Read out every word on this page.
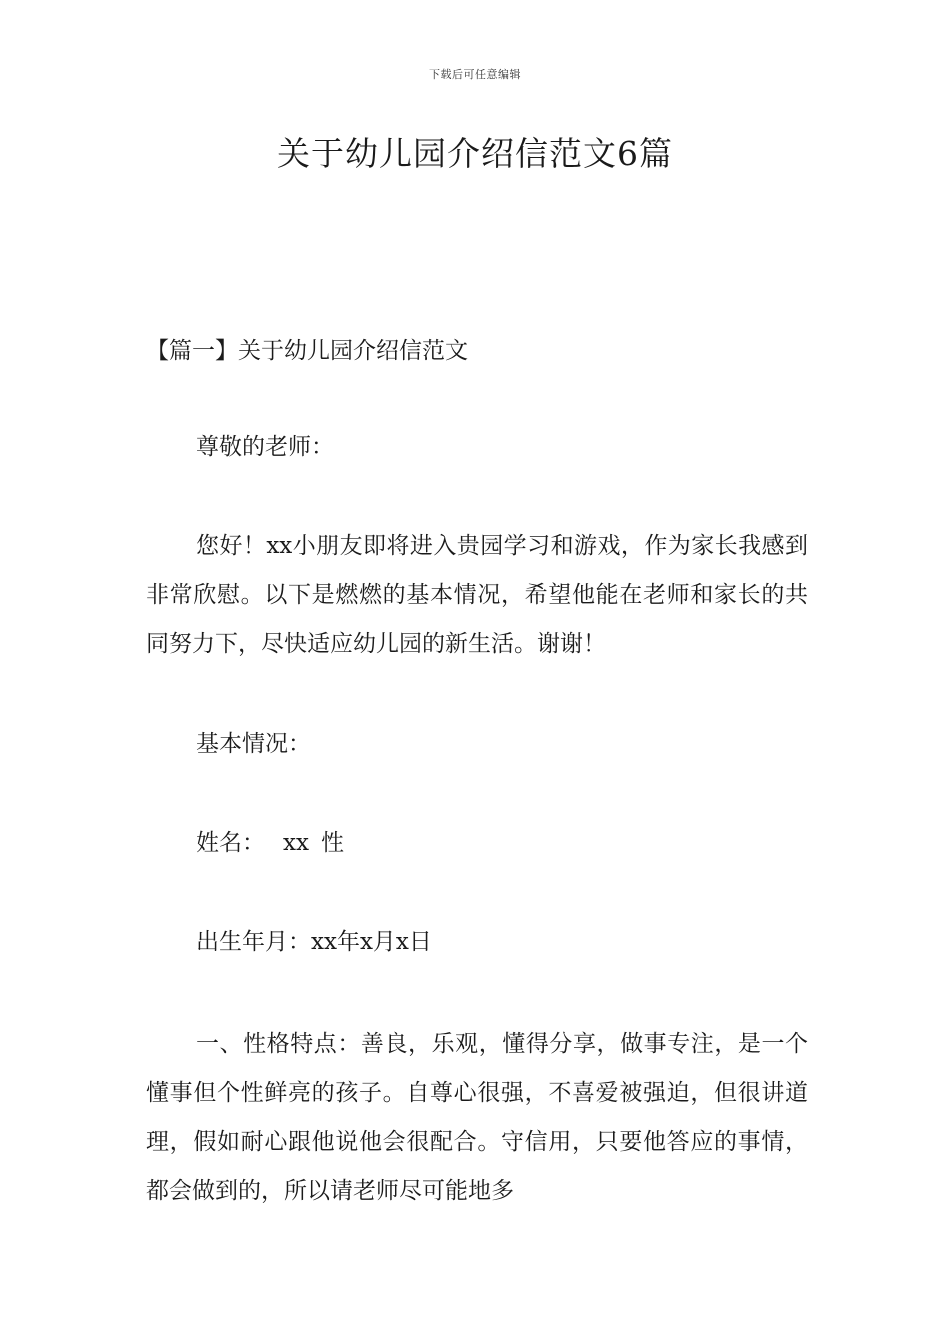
下载后可任意编辑
关于幼儿园介绍信范文6篇
【篇一】关于幼儿园介绍信范文

尊敬的老师：

您好！xx小朋友即将进入贵园学习和游戏，作为家长我感到非常欣慰。以下是燃燃的基本情况，希望他能在老师和家长的共同努力下，尽快适应幼儿园的新生活。谢谢！

基本情况：

姓名： xx 性

出生年月：xx年x月x日

一、性格特点：善良，乐观，懂得分享，做事专注，是一个懂事但个性鲜亮的孩子。自尊心很强，不喜爱被强迫，但很讲道理，假如耐心跟他说他会很配合。守信用，只要他答应的事情，都会做到的，所以请老师尽可能地多
